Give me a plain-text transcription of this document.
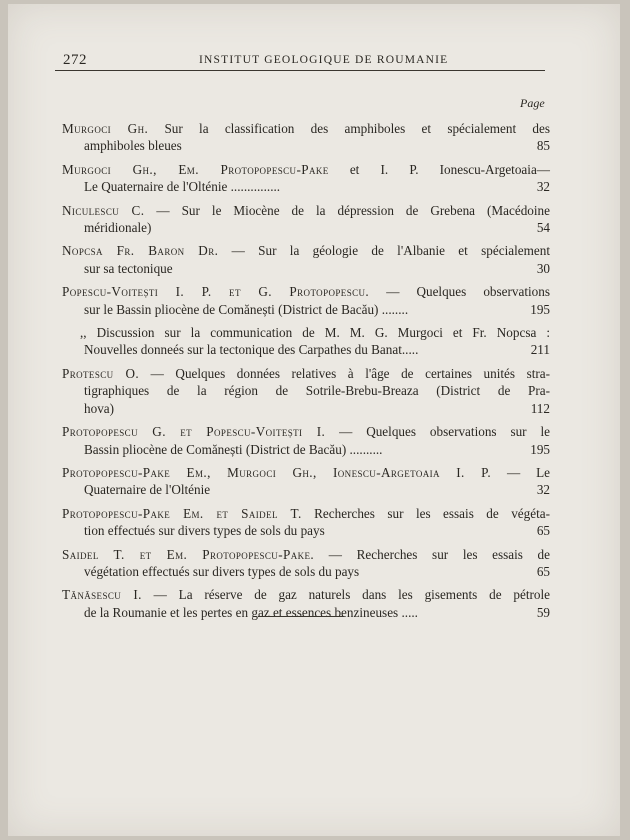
272	INSTITUT GEOLOGIQUE DE ROUMANIE
Page
Murgoci Gh. Sur la classification des amphiboles et spécialement des
amphiboles bleues	85
Murgoci Gh., Em. Protopopescu-Pake et I. P. Ionescu-Argetoaia—
Le Quaternaire de l'Olténie ...............	32
Niculescu C. — Sur le Miocène de la dépression de Grebena (Macédoine
méridionale)	54
Nopcsa Fr. Baron Dr. — Sur la géologie de l'Albanie et spécialement
sur sa tectonique	30
Popescu-Voitești I. P. et G. Protopopescu. — Quelques observations
sur le Bassin pliocène de Comănești (District de Bacău) ........	195
,, Discussion sur la communication de M. M. G. Murgoci et Fr. Nopcsa :
Nouvelles donneés sur la tectonique des Carpathes du Banat.....	211
Protescu O. — Quelques données relatives à l'âge de certaines unités stra-
tigraphiques de la région de Sotrile-Brebu-Breaza (District de Pra-
hova)	112
Protopopescu G. et Popescu-Voitești I. — Quelques observations sur le
Bassin pliocène de Comănești (District de Bacău) ..........	195
Protopopescu-Pake Em., Murgoci Gh., Ionescu-Argetoaia I. P. — Le
Quaternaire de l'Olténie	32
Protopopescu-Pake Em. et Saidel T. Recherches sur les essais de végéta-
tion effectués sur divers types de sols du pays	65
Saidel T. et Em. Protopopescu-Pake. — Recherches sur les essais de
végétation effectués sur divers types de sols du pays	65
Tănăsescu I. — La réserve de gaz naturels dans les gisements de pétrole
de la Roumanie et les pertes en gaz et essences benzineuses .....	59
